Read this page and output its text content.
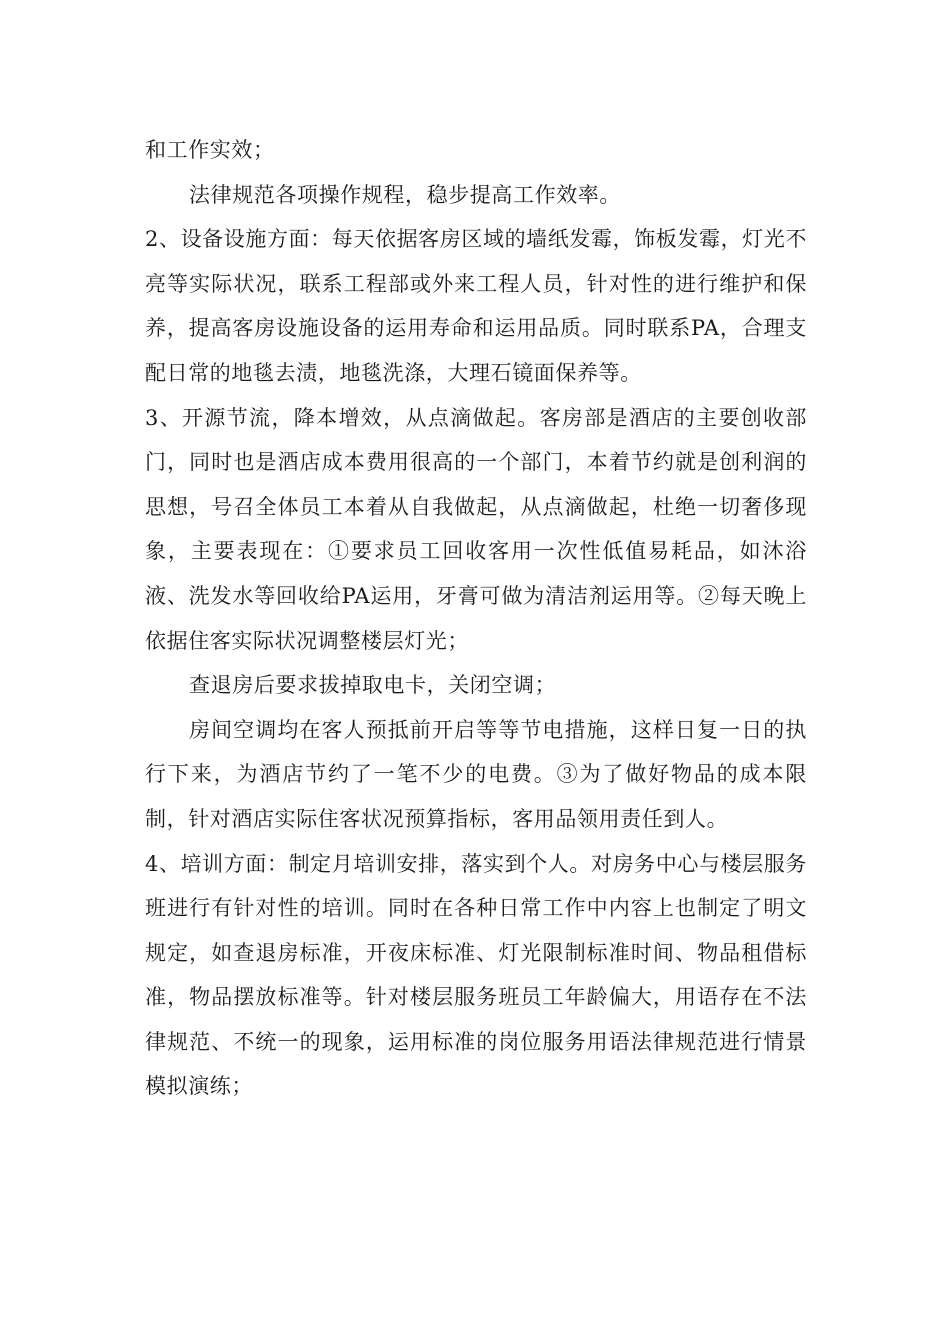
和工作实效；

法律规范各项操作规程，稳步提高工作效率。

2、设备设施方面：每天依据客房区域的墙纸发霉，饰板发霉，灯光不亮等实际状况，联系工程部或外来工程人员，针对性的进行维护和保养，提高客房设施设备的运用寿命和运用品质。同时联系PA，合理支配日常的地毯去渍，地毯洗涤，大理石镜面保养等。

3、开源节流，降本增效，从点滴做起。客房部是酒店的主要创收部门，同时也是酒店成本费用很高的一个部门，本着节约就是创利润的思想，号召全体员工本着从自我做起，从点滴做起，杜绝一切奢侈现象，主要表现在：①要求员工回收客用一次性低值易耗品，如沐浴液、洗发水等回收给PA运用，牙膏可做为清洁剂运用等。②每天晚上依据住客实际状况调整楼层灯光；

查退房后要求拔掉取电卡，关闭空调；

房间空调均在客人预抵前开启等等节电措施，这样日复一日的执行下来，为酒店节约了一笔不少的电费。③为了做好物品的成本限制，针对酒店实际住客状况预算指标，客用品领用责任到人。

4、培训方面：制定月培训安排，落实到个人。对房务中心与楼层服务班进行有针对性的培训。同时在各种日常工作中内容上也制定了明文规定，如查退房标准，开夜床标准、灯光限制标准时间、物品租借标准，物品摆放标准等。针对楼层服务班员工年龄偏大，用语存在不法律规范、不统一的现象，运用标准的岗位服务用语法律规范进行情景模拟演练；
